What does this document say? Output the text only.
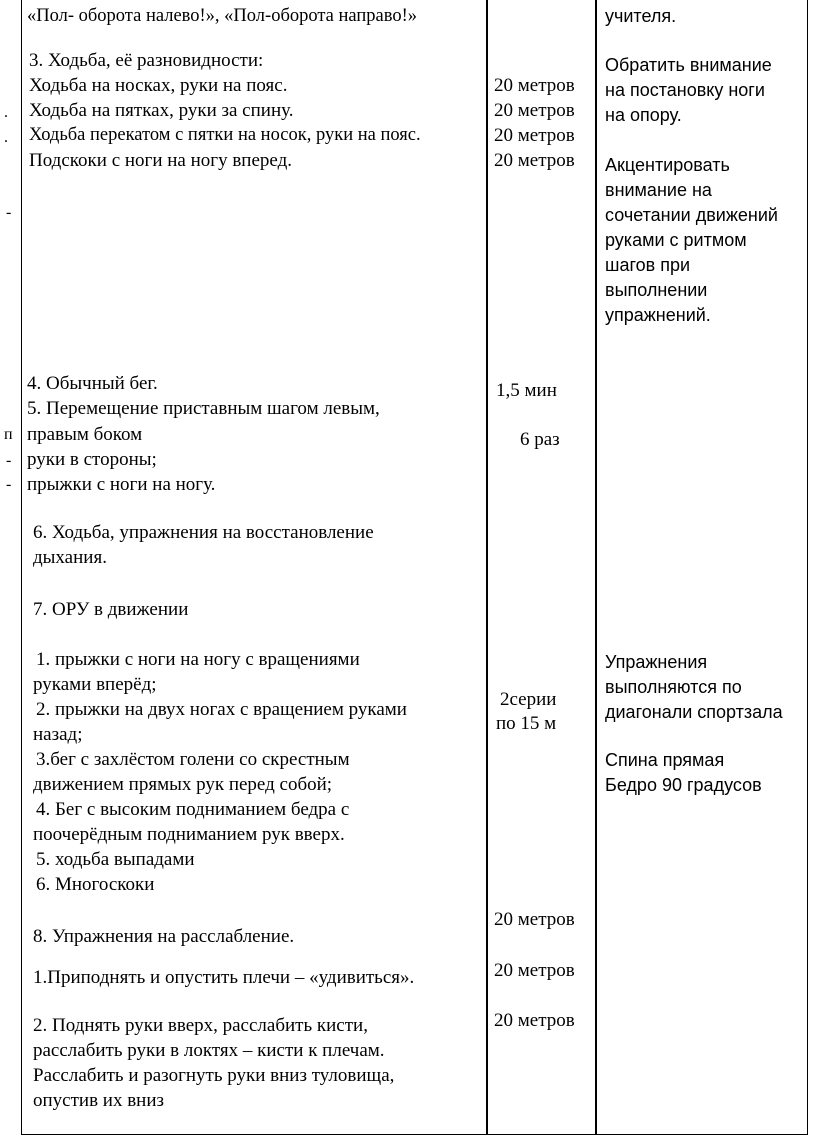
.
.
-
п
-
-
«Пол- оборота налево!», «Пол-оборота направо!»
3. Ходьба, её разновидности:
Ходьба на носках, руки на пояс.
Ходьба на пятках, руки за спину.
Ходьба перекатом с пятки на носок, руки на пояс.
Подскоки с ноги на ногу вперед.
4. Обычный бег.
5. Перемещение приставным шагом левым,
правым боком
руки в стороны;
прыжки с ноги на ногу.
6. Ходьба, упражнения на восстановление
дыхания.
7. ОРУ в движении
1. прыжки с ноги на ногу с вращениями
руками вперёд;
2. прыжки на двух ногах с вращением руками
назад;
3.бег с захлёстом голени со скрестным
движением прямых рук перед собой;
4. Бег с высоким подниманием бедра с
поочерёдным подниманием рук вверх.
5. ходьба выпадами
6. Многоскоки
8. Упражнения на расслабление.
1.Приподнять и опустить плечи – «удивиться».
2. Поднять руки вверх, расслабить кисти,
расслабить руки в локтях – кисти к плечам.
Расслабить и разогнуть руки вниз туловища,
опустив их вниз
20 метров
20 метров
20 метров
20 метров
1,5 мин
6 раз
2серии
по 15 м
20 метров
20 метров
20 метров
учителя.
Обратить внимание
на постановку ноги
на опору.
Акцентировать
внимание на
сочетании движений
руками с ритмом
шагов при
выполнении
упражнений.
Упражнения
выполняются по
диагонали спортзала
Спина прямая
Бедро 90 градусов
